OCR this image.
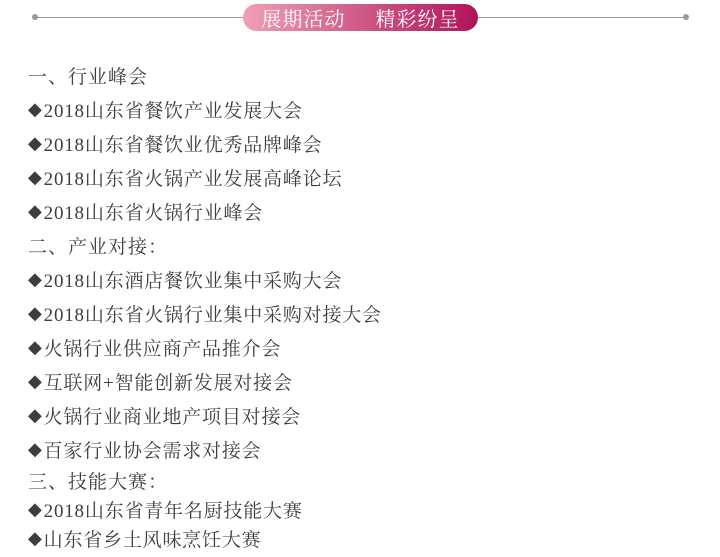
展期活动 精彩纷呈
一、行业峰会
◆ 2018山东省餐饮产业发展大会
◆ 2018山东省餐饮业优秀品牌峰会
◆ 2018山东省火锅产业发展高峰论坛
◆ 2018山东省火锅行业峰会
二、产业对接：
◆ 2018山东酒店餐饮业集中采购大会
◆ 2018山东省火锅行业集中采购对接大会
◆ 火锅行业供应商产品推介会
◆ 互联网+智能创新发展对接会
◆ 火锅行业商业地产项目对接会
◆ 百家行业协会需求对接会
三、技能大赛：
◆ 2018山东省青年名厨技能大赛
◆ 山东省乡土风味烹饪大赛
